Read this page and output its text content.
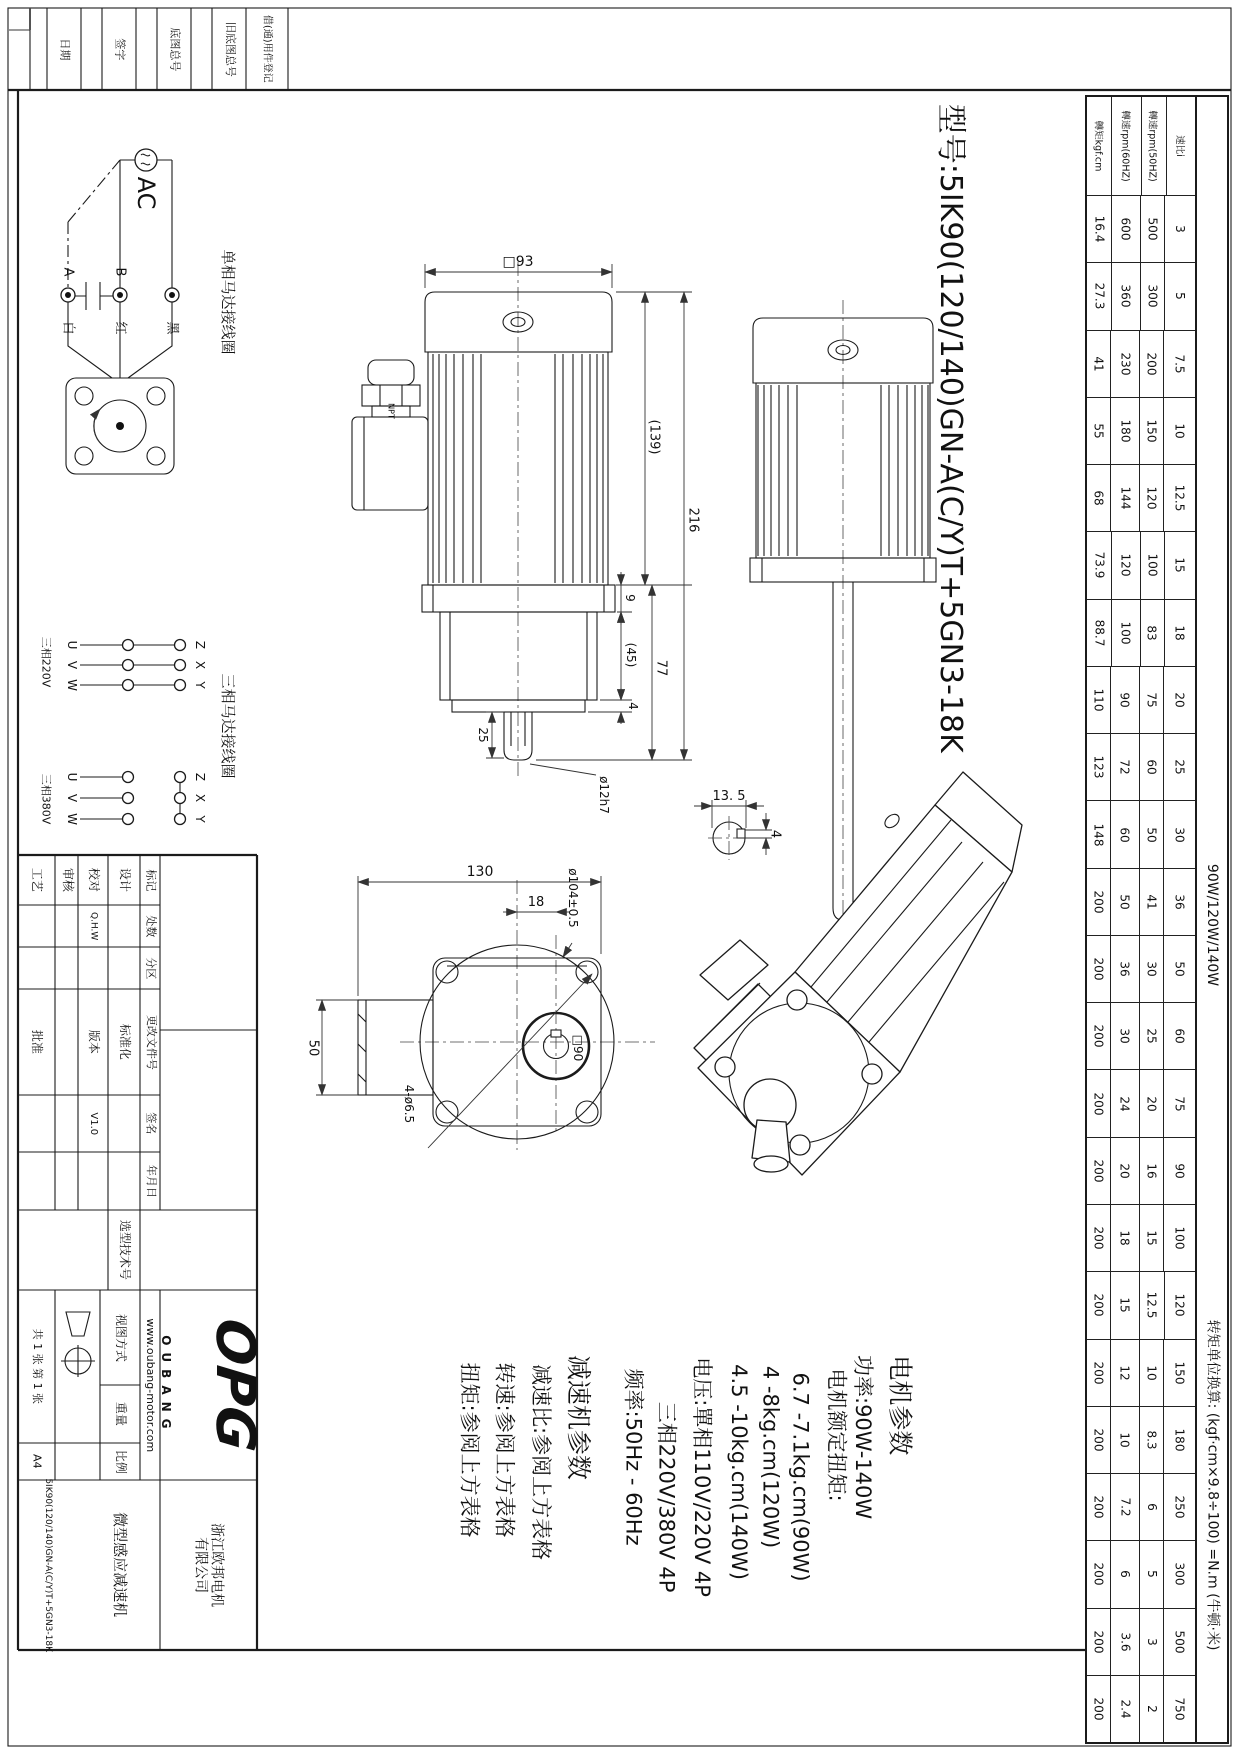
AC
A	B
白	红	黑	单相马达接线圈
三相220V
三相380V
U
V
W
Z
X
Y
U
V
W
Z
X
Y
三相马达接线圈
NPT
13. 5
4
□93
(139)
216
9
(45)
4
77
25
ø12h7
130
18
50
ø104±0.5
□90
4-ø6.5
轉矩kgf.cm	轉速rpm(60HZ)	轉速rpm(50HZ)	速比i
16.4 600 500 3
27.3 360 300 5
41 230 200 7.5
55 180 150 10
68 144 120 12.5
73.9 120 100 15
88.7 100 83 18
110 90 75 20
123 72 60 25
148 60 50 30
200 50 41 36
200 36 30 50
200 30 25 60
200 24 20 75
200 20 16 90
200 18 15 100
200 15 12.5 120
200 12 10 150
200 10 8.3 180
200 7.2 6 250
200 6 5 300
200 3.6 3 500
200 2.4 2 750
90W/120W/140W
转矩单位换算: (kgf·cm×9.8÷100) =N.m (牛顿·米)
型号:5IK90(120/140)GN-A(C/Y)T+5GN3-18K
日期	签字	底图总号	旧底图总号	借(通)用件登记
电机参数
功率:90W-140W
电机额定扭矩:
6.7 -7.1kg.cm(90W)
4 -8kg.cm(120W)
4.5 -10kg.cm(140W)
电压:單相110V/220V 4P
三相220V/380V 4P
频率:50Hz - 60Hz
减速机参数
减速比:参阅上方表格
转速:参阅上方表格
扭矩:参阅上方表格
工艺
批准
共 1 张 第 1 张
A4
审核 校对
Q.H.W
版本
V1.0
设计
标准化
选型技术号
标记
处数
分区
更改文件号
签名
年月日
视图方式
重量
比例
www.oubang-motor.com

OPG

OUBANG

5IK90(120/140)GN-A(C/Y)T+5GN3-18K	微型感应减速机	浙江欧邦电机有限公司
